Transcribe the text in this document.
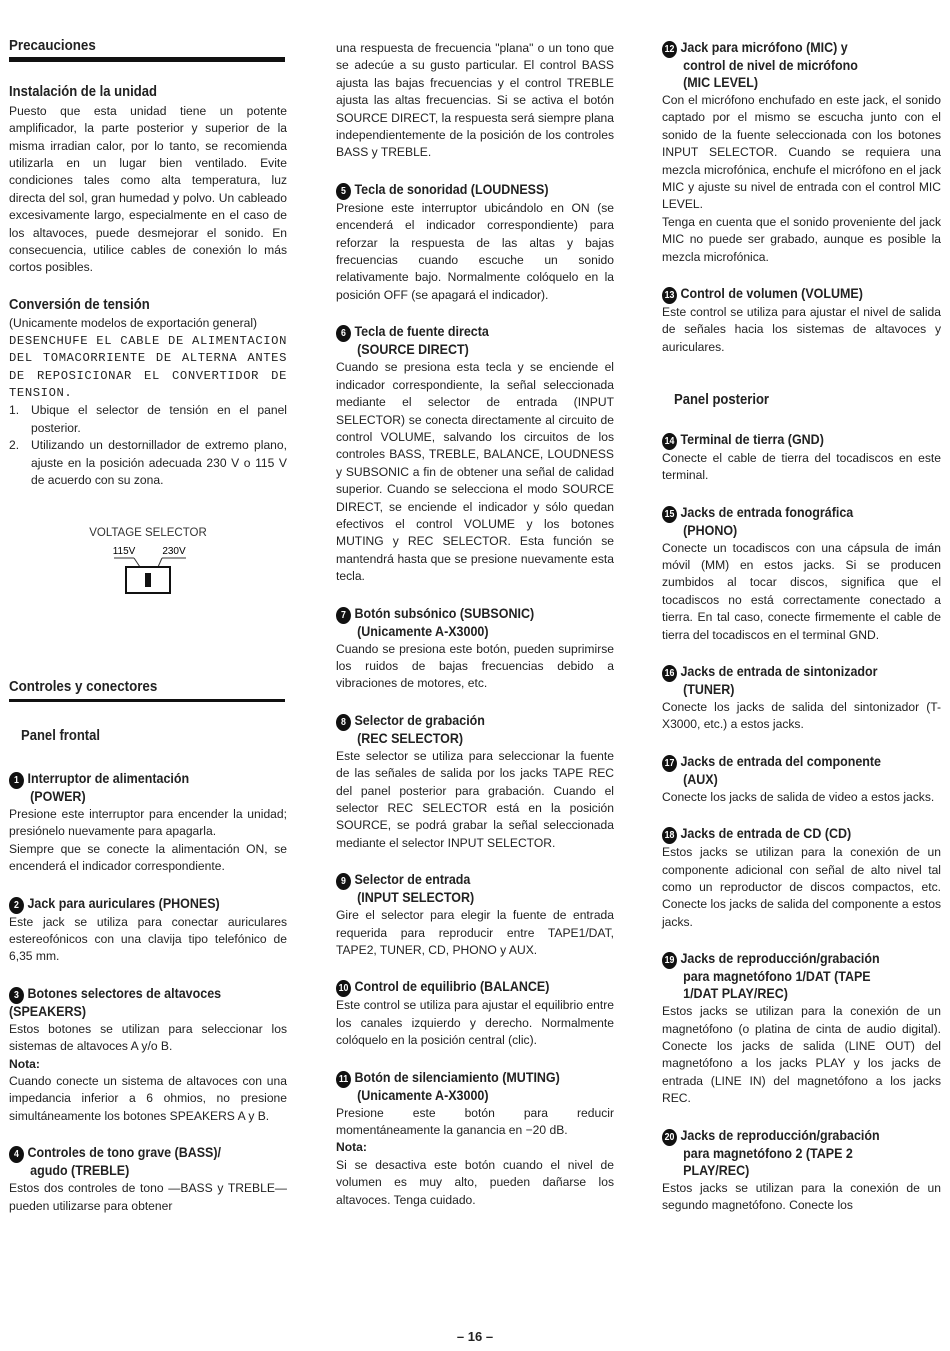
Precauciones
Instalación de la unidad

Puesto que esta unidad tiene un potente amplificador, la parte posterior y superior de la misma irradian calor, por lo tanto, se recomienda utilizarla en un lugar bien ventilado. Evite condiciones tales como alta temperatura, luz directa del sol, gran humedad y polvo. Un cableado excesivamente largo, especialmente en el caso de los altavoces, puede desmejorar el sonido. En consecuencia, utilice cables de conexión lo más cortos posibles.

Conversión de tensión

(Unicamente modelos de exportación general)

DESENCHUFE EL CABLE DE ALIMENTACION DEL TOMACORRIENTE DE ALTERNA ANTES DE REPOSICIONAR EL CONVERTIDOR DE TENSION.

1. Ubique el selector de tensión en el panel posterior.

2. Utilizando un destornillador de extremo plano, ajuste en la posición adecuada 230 V o 115 V de acuerdo con su zona.

VOLTAGE SELECTOR
115V	230V
Controles y conectores
Panel frontal
1 Interruptor de alimentación
(POWER)

Presione este interruptor para encender la unidad; presiónelo nuevamente para apagarla.

Siempre que se conecte la alimentación ON, se encenderá el indicador correspondiente.

2 Jack para auriculares (PHONES)

Este jack se utiliza para conectar auriculares estereofónicos con una clavija tipo telefónico de 6,35 mm.

3 Botones selectores de altavoces
(SPEAKERS)

Estos botones se utilizan para seleccionar los sistemas de altavoces A y/o B.

Nota:

Cuando conecte un sistema de altavoces con una impedancia inferior a 6 ohmios, no presione simultáneamente los botones SPEAKERS A y B.

4 Controles de tono grave (BASS)/
agudo (TREBLE)

Estos dos controles de tono —BASS y TREBLE— pueden utilizarse para obtener

una respuesta de frecuencia "plana" o un tono que se adecúe a su gusto particular. El control BASS ajusta las bajas frecuencias y el control TREBLE ajusta las altas frecuencias. Si se activa el botón SOURCE DIRECT, la respuesta será siempre plana independientemente de la posición de los controles BASS y TREBLE.

5 Tecla de sonoridad (LOUDNESS)

Presione este interruptor ubicándolo en ON (se encenderá el indicador correspondiente) para reforzar la respuesta de las altas y bajas frecuencias cuando escuche un sonido relativamente bajo. Normalmente colóquelo en la posición OFF (se apagará el indicador).

6 Tecla de fuente directa
(SOURCE DIRECT)

Cuando se presiona esta tecla y se enciende el indicador correspondiente, la señal seleccionada mediante el selector de entrada (INPUT SELECTOR) se conecta directamente al circuito de control VOLUME, salvando los circuitos de los controles BASS, TREBLE, BALANCE, LOUDNESS y SUBSONIC a fin de obtener una señal de calidad superior. Cuando se selecciona el modo SOURCE DIRECT, se enciende el indicador y sólo quedan efectivos el control VOLUME y los botones MUTING y REC SELECTOR. Esta función se mantendrá hasta que se presione nuevamente esta tecla.

7 Botón subsónico (SUBSONIC)
(Unicamente A-X3000)

Cuando se presiona este botón, pueden suprimirse los ruidos de bajas frecuencias debido a vibraciones de motores, etc.

8 Selector de grabación
(REC SELECTOR)

Este selector se utiliza para seleccionar la fuente de las señales de salida por los jacks TAPE REC del panel posterior para grabación. Cuando el selector REC SELECTOR está en la posición SOURCE, se podrá grabar la señal seleccionada mediante el selector INPUT SELECTOR.

9 Selector de entrada
(INPUT SELECTOR)

Gire el selector para elegir la fuente de entrada requerida para reproducir entre TAPE1/DAT, TAPE2, TUNER, CD, PHONO y AUX.

10 Control de equilibrio (BALANCE)

Este control se utiliza para ajustar el equilibrio entre los canales izquierdo y derecho. Normalmente colóquelo en la posición central (clic).

11 Botón de silenciamiento (MUTING)
(Unicamente A-X3000)

Presione este botón para reducir momentáneamente la ganancia en −20 dB.

Nota:

Si se desactiva este botón cuando el nivel de volumen es muy alto, pueden dañarse los altavoces. Tenga cuidado.

12 Jack para micrófono (MIC) y
control de nivel de micrófono
(MIC LEVEL)

Con el micrófono enchufado en este jack, el sonido captado por el mismo se escucha junto con el sonido de la fuente seleccionada con los botones INPUT SELECTOR. Cuando se requiera una mezcla microfónica, enchufe el micrófono en el jack MIC y ajuste su nivel de entrada con el control MIC LEVEL.

Tenga en cuenta que el sonido proveniente del jack MIC no puede ser grabado, aunque es posible la mezcla microfónica.

13 Control de volumen (VOLUME)

Este control se utiliza para ajustar el nivel de salida de señales hacia los sistemas de altavoces y auriculares.

Panel posterior
14 Terminal de tierra (GND)

Conecte el cable de tierra del tocadiscos en este terminal.

15 Jacks de entrada fonográfica
(PHONO)

Conecte un tocadiscos con una cápsula de imán móvil (MM) en estos jacks. Si se producen zumbidos al tocar discos, significa que el tocadiscos no está correctamente conectado a tierra. En tal caso, conecte firmemente el cable de tierra del tocadiscos en el terminal GND.

16 Jacks de entrada de sintonizador
(TUNER)

Conecte los jacks de salida del sintonizador (T-X3000, etc.) a estos jacks.

17 Jacks de entrada del componente
(AUX)

Conecte los jacks de salida de video a estos jacks.

18 Jacks de entrada de CD (CD)

Estos jacks se utilizan para la conexión de un componente adicional con señal de alto nivel tal como un reproductor de discos compactos, etc. Conecte los jacks de salida del componente a estos jacks.

19 Jacks de reproducción/grabación
para magnetófono 1/DAT (TAPE
1/DAT PLAY/REC)

Estos jacks se utilizan para la conexión de un magnetófono (o platina de cinta de audio digital). Conecte los jacks de salida (LINE OUT) del magnetófono a los jacks PLAY y los jacks de entrada (LINE IN) del magnetófono a los jacks REC.

20 Jacks de reproducción/grabación
para magnetófono 2 (TAPE 2
PLAY/REC)

Estos jacks se utilizan para la conexión de un segundo magnetófono. Conecte los

– 16 –
